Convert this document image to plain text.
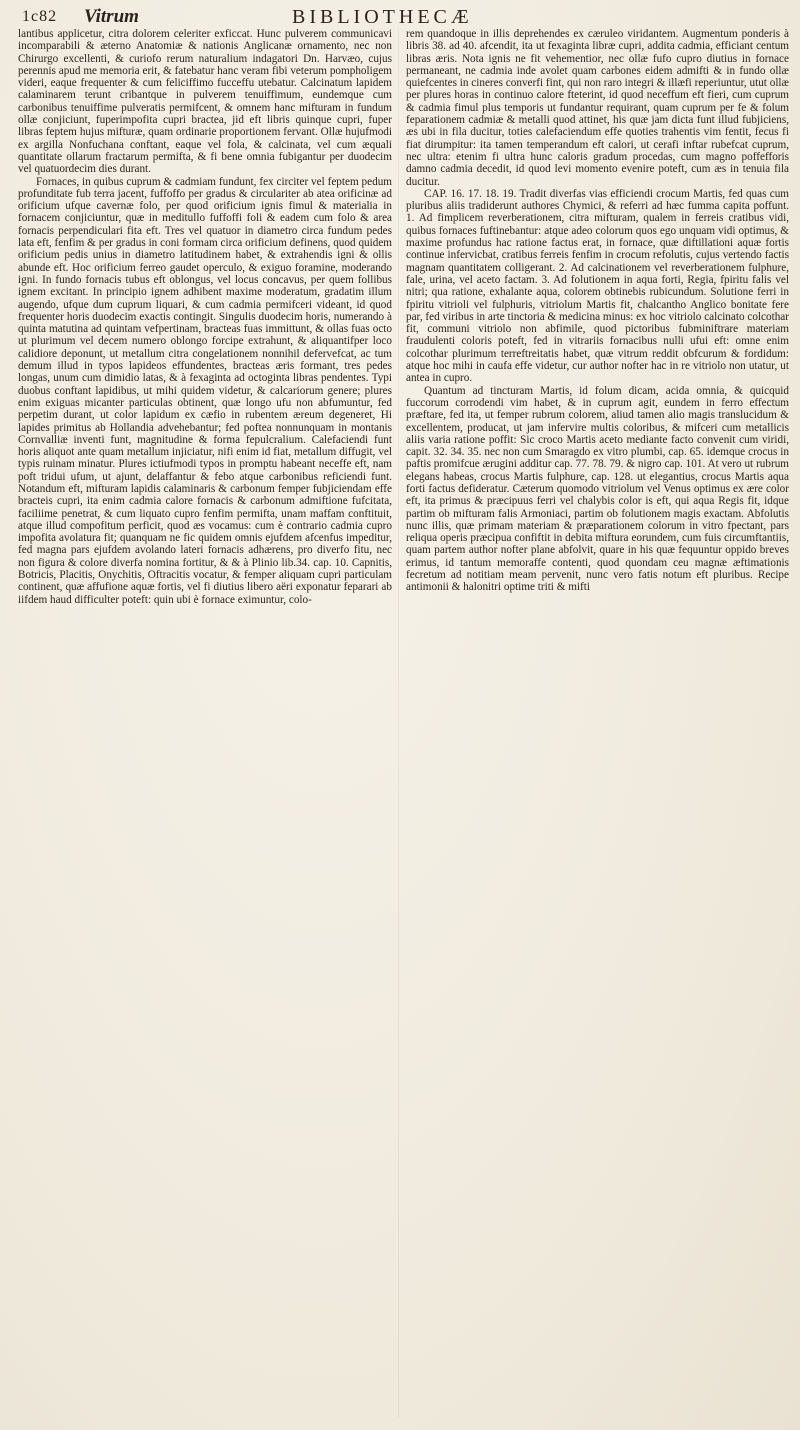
1c82 Vitrum	BIBLIOTHECÆ

lantibus applicetur, citra dolorem celeriter exficcat. Hunc pulverem communicavi incomparabili & æterno Anatomiæ & nationis Anglicanæ ornamento, nec non Chirurgo excellenti, & curiofo rerum naturalium indagatori Dn. Harvæo, cujus perennis apud me memoria erit, & fatebatur hanc veram fibi veterum pompholigem videri, eaque frequenter & cum feliciffimo fucceffu utebatur. Calcinatum lapidem calaminarem terunt cribantque in pulverem tenuiffimum, eundemque cum carbonibus tenuiffime pulveratis permifcent, & omnem hanc mifturam in fundum ollæ conjiciunt, fuperimpofita cupri bractea, jid eft libris quinque cupri, fuper libras feptem hujus mifturæ, quam ordinarie proportionem fervant. Ollæ hujufmodi ex argilla Nonfuchana conftant, eaque vel fola, & calcinata, vel cum æquali quantitate ollarum fractarum permifta, & fi bene omnia fubigantur per duodecim vel quatuordecim dies durant.

Fornaces, in quibus cuprum & cadmiam fundunt, fex circiter vel feptem pedum profunditate fub terra jacent, fuffoffo per gradus & circulariter ab atea orificinæ ad orificium ufque cavernæ folo, per quod orificium ignis fimul & materialia in fornacem conjiciuntur, quæ in meditullo fuffoffi foli & eadem cum folo & area fornacis perpendiculari fita eft. Tres vel quatuor in diametro circa fundum pedes lata eft, fenfim & per gradus in coni formam circa orificium definens, quod quidem orificium pedis unius in diametro latitudinem habet, & extrahendis igni & ollis abunde eft. Hoc orificium ferreo gaudet operculo, & exiguo foramine, moderando igni. In fundo fornacis tubus eft oblongus, vel locus concavus, per quem follibus ignem excitant. In principio ignem adhibent maxime moderatum, gradatim illum augendo, ufque dum cuprum liquari, & cum cadmia permifceri videant, id quod frequenter horis duodecim exactis contingit. Singulis duodecim horis, numerando à quinta matutina ad quintam vefpertinam, bracteas fuas immittunt, & ollas fuas octo ut plurimum vel decem numero oblongo forcipe extrahunt, & aliquantifper loco calidiore deponunt, ut metallum citra congelationem nonnihil defervefcat, ac tum demum illud in typos lapideos effundentes, bracteas æris formant, tres pedes longas, unum cum dimidio latas, & à fexaginta ad octoginta libras pendentes. Typi duobus conftant lapidibus, ut mihi quidem videtur, & calcariorum genere; plures enim exiguas micanter particulas obtinent, quæ longo ufu non abfumuntur, fed perpetim durant, ut color lapidum ex cæfio in rubentem æreum degeneret, Hi lapides primitus ab Hollandia advehebantur; fed poftea nonnunquam in montanis Cornvalliæ inventi funt, magnitudine & forma fepulcralium. Calefaciendi funt horis aliquot ante quam metallum injiciatur, nifi enim id fiat, metallum diffugit, vel typis ruinam minatur. Plures ictiufmodi typos in promptu habeant neceffe eft, nam poft tridui ufum, ut ajunt, delaffantur & febo atque carbonibus reficiendi funt. Notandum eft, mifturam lapidis calaminaris & carbonum femper fubjiciendam effe bracteis cupri, ita enim cadmia calore fornacis & carbonum admiftione fufcitata, faciliime penetrat, & cum liquato cupro fenfim permifta, unam maffam conftituit, atque illud compofitum perficit, quod æs vocamus: cum è contrario cadmia cupro impofita avolatura fit; quanquam ne fic quidem omnis ejufdem afcenfus impeditur, fed magna pars ejufdem avolando lateri fornacis adhærens, pro diverfo fitu, nec non figura & colore diverfa nomina fortitur, & & à Plinio lib.34. cap. 10. Capnitis, Botricis, Placitis, Onychitis, Oftracitis vocatur, & femper aliquam cupri particulam continent, quæ affufione aquæ fortis, vel fi diutius libero aëri exponatur feparari ab iifdem haud difficulter poteft: quin ubi è fornace eximuntur, colo-

rem quandoque in illis deprehendes ex cæruleo viridantem. Augmentum ponderis à libris 38. ad 40. afcendit, ita ut fexaginta libræ cupri, addita cadmia, efficiant centum libras æris. Nota ignis ne fit vehementior, nec ollæ fufo cupro diutius in fornace permaneant, ne cadmia inde avolet quam carbones eidem admifti & in fundo ollæ quiefcentes in cineres converfi fint, qui non raro integri & illæfi reperiuntur, utut ollæ per plures horas in continuo calore fteterint, id quod neceffum eft fieri, cum cuprum & cadmia fimul plus temporis ut fundantur requirant, quam cuprum per fe & folum feparationem cadmiæ & metalli quod attinet, his quæ jam dicta funt illud fubjiciens, æs ubi in fila ducitur, toties calefaciendum effe quoties trahentis vim fentit, fecus fi fiat dirumpitur: ita tamen temperandum eft calori, ut cerafi inftar rubefcat cuprum, nec ultra: etenim fi ultra hunc caloris gradum procedas, cum magno poffefforis damno cadmia decedit, id quod levi momento evenire poteft, cum æs in tenuia fila ducitur.

CAP. 16. 17. 18. 19. Tradit diverfas vias efficiendi crocum Martis, fed quas cum pluribus aliis tradiderunt authores Chymici, & referri ad hæc fumma capita poffunt. 1. Ad fimplicem reverberationem, citra mifturam, qualem in ferreis cratibus vidi, quibus fornaces fuftinebantur: atque adeo colorum quos ego unquam vidi optimus, & maxime profundus hac ratione factus erat, in fornace, quæ diftillationi aquæ fortis continue infervicbat, cratibus ferreis fenfim in crocum refolutis, cujus vertendo factis magnam quantitatem colligerant. 2. Ad calcinationem vel reverberationem fulphure, fale, urina, vel aceto factam. 3. Ad folutionem in aqua forti, Regia, fpiritu falis vel nitri; qua ratione, exhalante aqua, colorem obtinebis rubicundum. Solutione ferri in fpiritu vitrioli vel fulphuris, vitriolum Martis fit, chalcantho Anglico bonitate fere par, fed viribus in arte tinctoria & medicina minus: ex hoc vitriolo calcinato colcothar fit, communi vitriolo non abfimile, quod pictoribus fubminiftrare materiam fraudulenti coloris poteft, fed in vitrariis fornacibus nulli ufui eft: omne enim colcothar plurimum terreftreitatis habet, quæ vitrum reddit obfcurum & fordidum: atque hoc mihi in caufa effe videtur, cur author nofter hac in re vitriolo non utatur, ut antea in cupro.

Quantum ad tincturam Martis, id folum dicam, acida omnia, & quicquid fuccorum corrodendi vim habet, & in cuprum agit, eundem in ferro effectum præftare, fed ita, ut femper rubrum colorem, aliud tamen alio magis translucidum & excellentem, producat, ut jam infervire multis coloribus, & mifceri cum metallicis aliis varia ratione poffit: Sic croco Martis aceto mediante facto convenit cum viridi, capit. 32. 34. 35. nec non cum Smaragdo ex vitro plumbi, cap. 65. idemque crocus in paftis promifcue ærugini additur cap. 77. 78. 79. & nigro cap. 101. At vero ut rubrum elegans habeas, crocus Martis fulphure, cap. 128. ut elegantius, crocus Martis aqua forti factus defideratur. Cæterum quomodo vitriolum vel Venus optimus ex ære color eft, ita primus & præcipuus ferri vel chalybis color is eft, qui aqua Regis fit, idque partim ob mifturam falis Armoniaci, partim ob folutionem magis exactam. Abfolutis nunc illis, quæ primam materiam & præparationem colorum in vitro fpectant, pars reliqua operis præcipua confiftit in debita miftura eorundem, cum fuis circumftantiis, quam partem author nofter plane abfolvit, quare in his quæ fequuntur oppido breves erimus, id tantum memoraffe contenti, quod quondam ceu magnæ æftimationis fecretum ad notitiam meam pervenit, nunc vero fatis notum eft pluribus. Recipe antimonii & halonitri optime triti & mifti
